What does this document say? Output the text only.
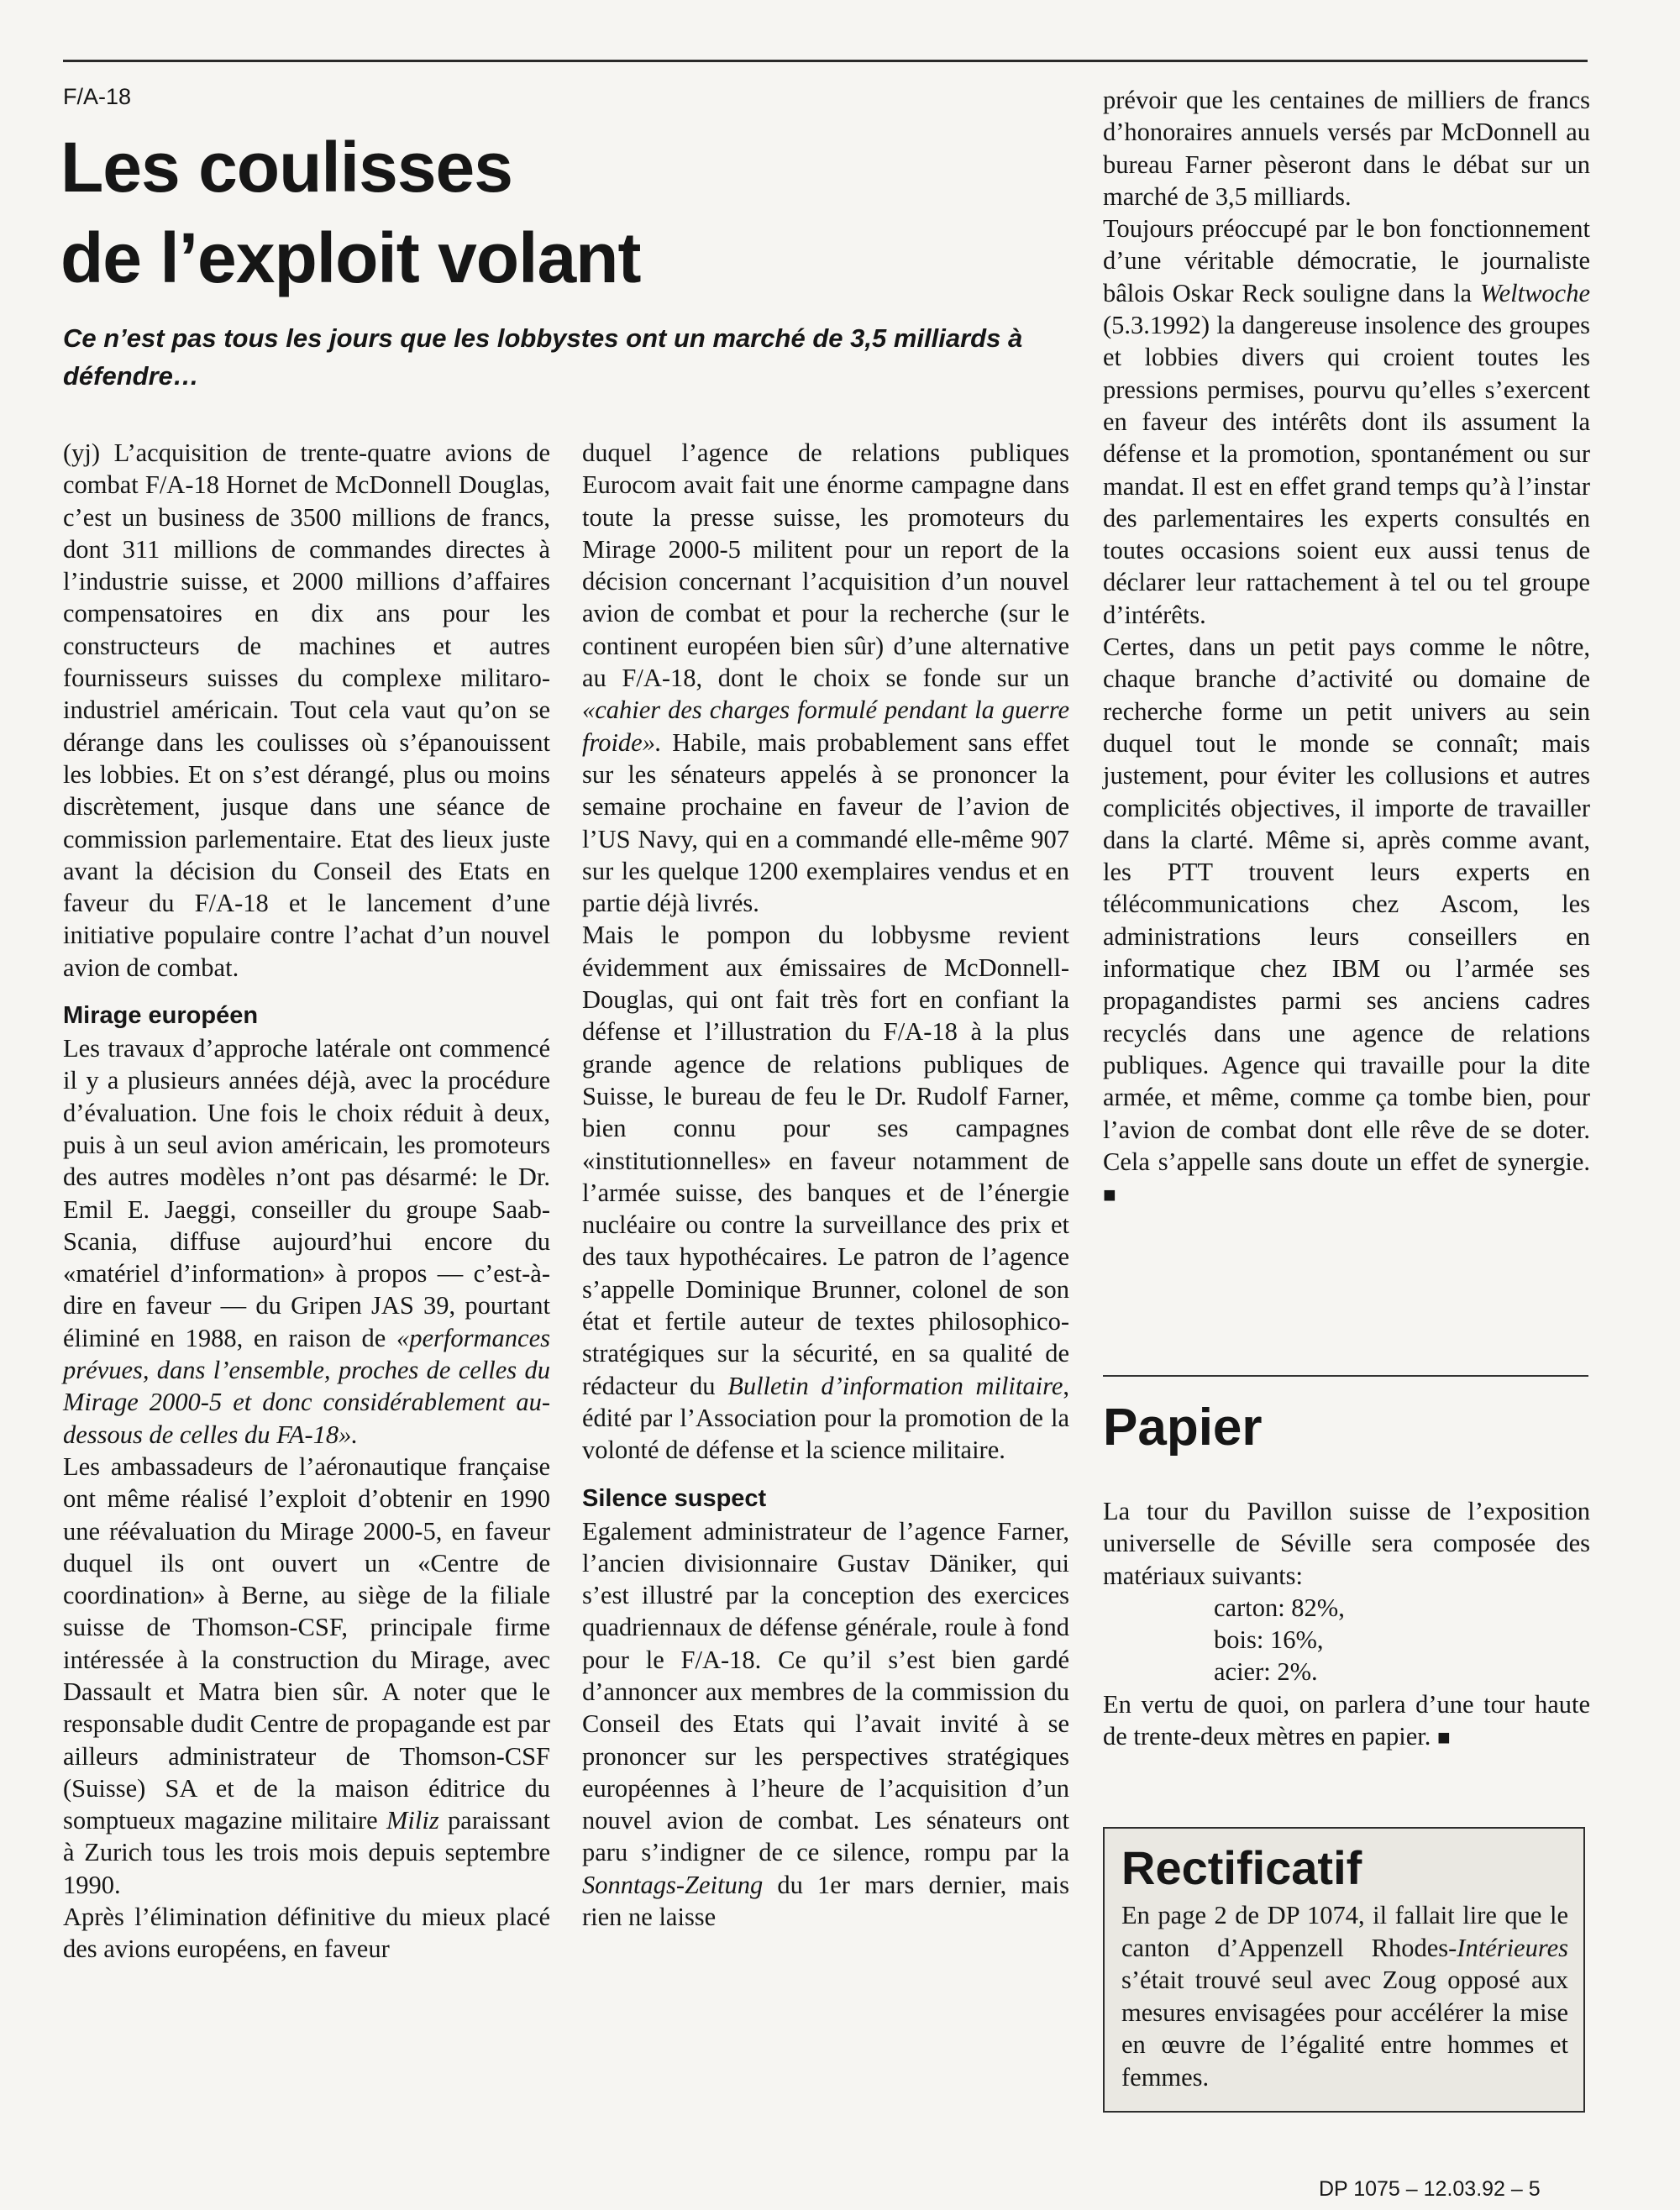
F/A-18
Les coulisses
de l’exploit volant

Ce n’est pas tous les jours que les lobbystes ont un marché de 3,5 milliards à défendre…

(yj) L’acquisition de trente-quatre avions de combat F/A-18 Hornet de McDonnell Douglas, c’est un business de 3500 millions de francs, dont 311 millions de commandes directes à l’industrie suisse, et 2000 millions d’affaires compensatoires en dix ans pour les constructeurs de machines et autres fournisseurs suisses du complexe militaro-industriel américain. Tout cela vaut qu’on se dérange dans les coulisses où s’épanouissent les lobbies. Et on s’est dérangé, plus ou moins discrètement, jusque dans une séance de commission parlementaire. Etat des lieux juste avant la décision du Conseil des Etats en faveur du F/A-18 et le lancement d’une initiative populaire contre l’achat d’un nouvel avion de combat.

Mirage européen

Les travaux d’approche latérale ont commencé il y a plusieurs années déjà, avec la procédure d’évaluation. Une fois le choix réduit à deux, puis à un seul avion américain, les promoteurs des autres modèles n’ont pas désarmé: le Dr. Emil E. Jaeggi, conseiller du groupe Saab-Scania, diffuse aujourd’hui encore du «matériel d’information» à propos — c’est-à-dire en faveur — du Gripen JAS 39, pourtant éliminé en 1988, en raison de «performances prévues, dans l’ensemble, proches de celles du Mirage 2000-5 et donc considérablement au-dessous de celles du FA-18».

Les ambassadeurs de l’aéronautique française ont même réalisé l’exploit d’obtenir en 1990 une réévaluation du Mirage 2000-5, en faveur duquel ils ont ouvert un «Centre de coordination» à Berne, au siège de la filiale suisse de Thomson-CSF, principale firme intéressée à la construction du Mirage, avec Dassault et Matra bien sûr. A noter que le responsable dudit Centre de propagande est par ailleurs administrateur de Thomson-CSF (Suisse) SA et de la maison éditrice du somptueux magazine militaire Miliz paraissant à Zurich tous les trois mois depuis septembre 1990.

Après l’élimination définitive du mieux placé des avions européens, en faveur

duquel l’agence de relations publiques Eurocom avait fait une énorme campagne dans toute la presse suisse, les promoteurs du Mirage 2000-5 militent pour un report de la décision concernant l’acquisition d’un nouvel avion de combat et pour la recherche (sur le continent européen bien sûr) d’une alternative au F/A-18, dont le choix se fonde sur un «cahier des charges formulé pendant la guerre froide». Habile, mais probablement sans effet sur les sénateurs appelés à se prononcer la semaine prochaine en faveur de l’avion de l’US Navy, qui en a commandé elle-même 907 sur les quelque 1200 exemplaires vendus et en partie déjà livrés.

Mais le pompon du lobbysme revient évidemment aux émissaires de McDonnell-Douglas, qui ont fait très fort en confiant la défense et l’illustration du F/A-18 à la plus grande agence de relations publiques de Suisse, le bureau de feu le Dr. Rudolf Farner, bien connu pour ses campagnes «institutionnelles» en faveur notamment de l’armée suisse, des banques et de l’énergie nucléaire ou contre la surveillance des prix et des taux hypothécaires. Le patron de l’agence s’appelle Dominique Brunner, colonel de son état et fertile auteur de textes philosophico-stratégiques sur la sécurité, en sa qualité de rédacteur du Bulletin d’information militaire, édité par l’Association pour la promotion de la volonté de défense et la science militaire.

Silence suspect

Egalement administrateur de l’agence Farner, l’ancien divisionnaire Gustav Däniker, qui s’est illustré par la conception des exercices quadriennaux de défense générale, roule à fond pour le F/A-18. Ce qu’il s’est bien gardé d’annoncer aux membres de la commission du Conseil des Etats qui l’avait invité à se prononcer sur les perspectives stratégiques européennes à l’heure de l’acquisition d’un nouvel avion de combat. Les sénateurs ont paru s’indigner de ce silence, rompu par la Sonntags-Zeitung du 1er mars dernier, mais rien ne laisse

prévoir que les centaines de milliers de francs d’honoraires annuels versés par McDonnell au bureau Farner pèseront dans le débat sur un marché de 3,5 milliards.

Toujours préoccupé par le bon fonctionnement d’une véritable démocratie, le journaliste bâlois Oskar Reck souligne dans la Weltwoche (5.3.1992) la dangereuse insolence des groupes et lobbies divers qui croient toutes les pressions permises, pourvu qu’elles s’exercent en faveur des intérêts dont ils assument la défense et la promotion, spontanément ou sur mandat. Il est en effet grand temps qu’à l’instar des parlementaires les experts consultés en toutes occasions soient eux aussi tenus de déclarer leur rattachement à tel ou tel groupe d’intérêts.

Certes, dans un petit pays comme le nôtre, chaque branche d’activité ou domaine de recherche forme un petit univers au sein duquel tout le monde se connaît; mais justement, pour éviter les collusions et autres complicités objectives, il importe de travailler dans la clarté. Même si, après comme avant, les PTT trouvent leurs experts en télécommunications chez Ascom, les administrations leurs conseillers en informatique chez IBM ou l’armée ses propagandistes parmi ses anciens cadres recyclés dans une agence de relations publiques. Agence qui travaille pour la dite armée, et même, comme ça tombe bien, pour l’avion de combat dont elle rêve de se doter. Cela s’appelle sans doute un effet de synergie. ■

Papier

La tour du Pavillon suisse de l’exposition universelle de Séville sera composée des matériaux suivants:

carton: 82%,
bois: 16%,
acier: 2%.

En vertu de quoi, on parlera d’une tour haute de trente-deux mètres en papier. ■

Rectificatif

En page 2 de DP 1074, il fallait lire que le canton d’Appenzell Rhodes-Intérieures s’était trouvé seul avec Zoug opposé aux mesures envisagées pour accélérer la mise en œuvre de l’égalité entre hommes et femmes.

DP 1075 – 12.03.92 – 5
